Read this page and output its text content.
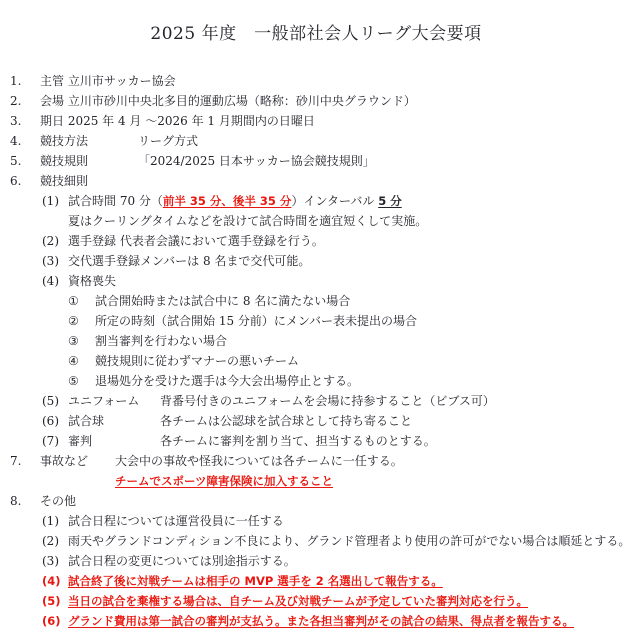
2025 年度　一般部社会人リーグ大会要項
1.	主管 立川市サッカー協会
2.	会場 立川市砂川中央北多目的運動広場（略称：砂川中央グラウンド）
3.	期日 2025 年 4 月 ～2026 年 1 月期間内の日曜日
4.	競技方法	リーグ方式
5.	競技規則	「2024/2025 日本サッカー協会競技規則」
6.	競技細則
(1) 試合時間 70 分（前半 35 分、後半 35 分）インターバル 5 分
夏はクーリングタイムなどを設けて試合時間を適宜短くして実施。
(2) 選手登録 代表者会議において選手登録を行う。
(3) 交代選手登録メンバーは 8 名まで交代可能。
(4) 資格喪失
①	試合開始時または試合中に 8 名に満たない場合
②	所定の時刻（試合開始 15 分前）にメンバー表未提出の場合
③	割当審判を行わない場合
④	競技規則に従わずマナーの悪いチーム
⑤	退場処分を受けた選手は今大会出場停止とする。
(5) ユニフォーム	背番号付きのユニフォームを会場に持参すること（ビブス可）
(6) 試合球	各チームは公認球を試合球として持ち寄ること
(7) 審判	各チームに審判を割り当て、担当するものとする。
7.	事故など	大会中の事故や怪我については各チームに一任する。
チームでスポーツ障害保険に加入すること
8.	その他
(1) 試合日程については運営役員に一任する
(2) 雨天やグランドコンディション不良により、グランド管理者より使用の許可がでない場合は順延とする。
(3) 試合日程の変更については別途指示する。
(4) 試合終了後に対戦チームは相手の MVP 選手を 2 名選出して報告する。
(5) 当日の試合を棄権する場合は、自チーム及び対戦チームが予定していた審判対応を行う。
(6) グランド費用は第一試合の審判が支払う。また各担当審判がその試合の結果、得点者を報告する。
